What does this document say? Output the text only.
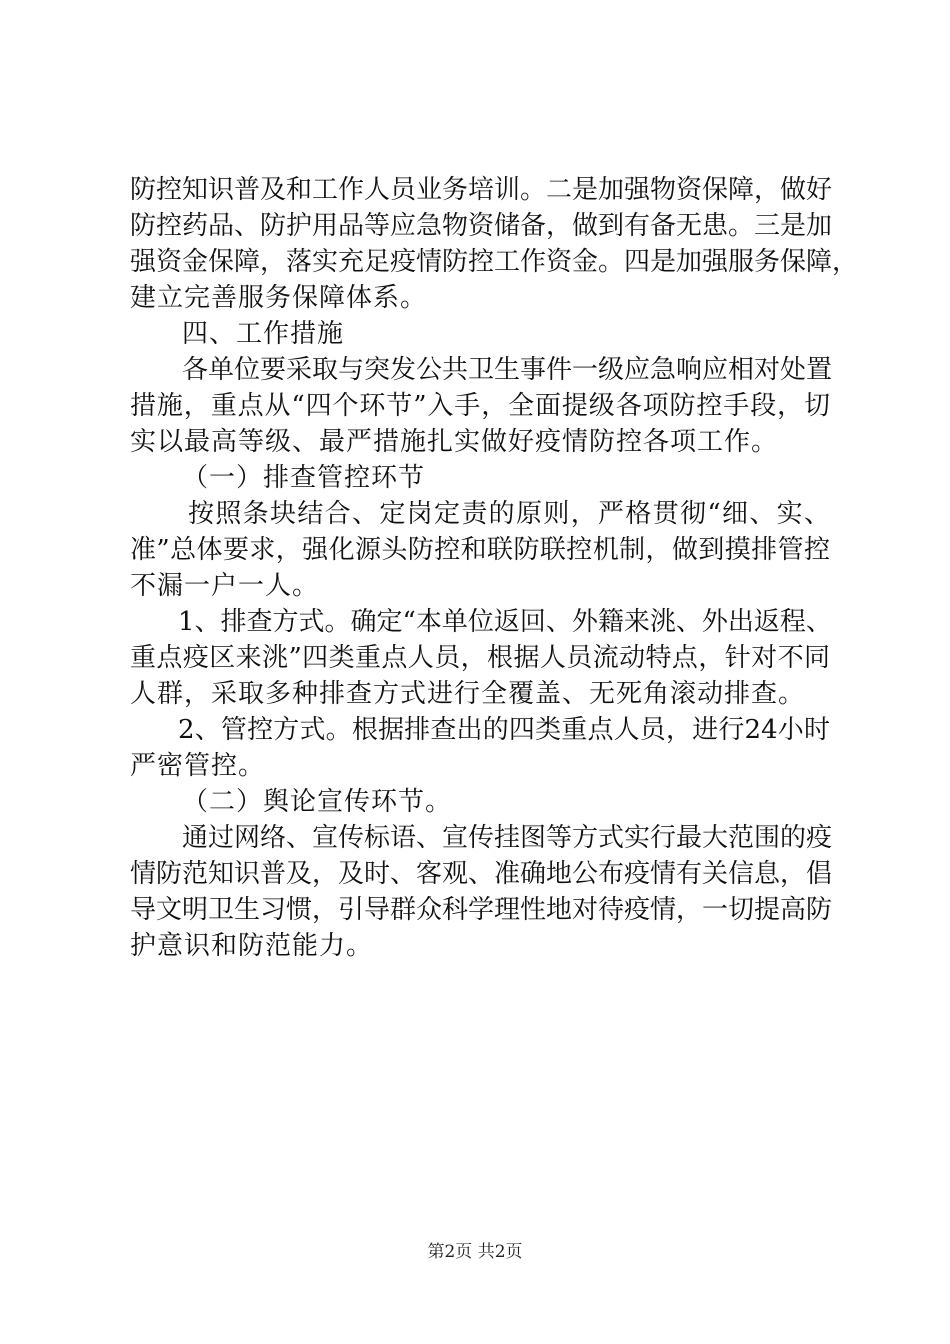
防控知识普及和工作人员业务培训。二是加强物资保障，做好
防控药品、防护用品等应急物资储备，做到有备无患。三是加
强资金保障，落实充足疫情防控工作资金。四是加强服务保障，
建立完善服务保障体系。
四、工作措施
各单位要采取与突发公共卫生事件一级应急响应相对处置
措施，重点从“四个环节”入手，全面提级各项防控手段，切
实以最高等级、最严措施扎实做好疫情防控各项工作。
（一）排查管控环节
按照条块结合、定岗定责的原则，严格贯彻“细、实、
准”总体要求，强化源头防控和联防联控机制，做到摸排管控
不漏一户一人。
1、排查方式。确定“本单位返回、外籍来洮、外出返程、
重点疫区来洮”四类重点人员，根据人员流动特点，针对不同
人群，采取多种排查方式进行全覆盖、无死角滚动排查。
2、管控方式。根据排查出的四类重点人员，进行24小时
严密管控。
（二）舆论宣传环节。
通过网络、宣传标语、宣传挂图等方式实行最大范围的疫
情防范知识普及，及时、客观、准确地公布疫情有关信息，倡
导文明卫生习惯，引导群众科学理性地对待疫情，一切提高防
护意识和防范能力。
第2页 共2页
